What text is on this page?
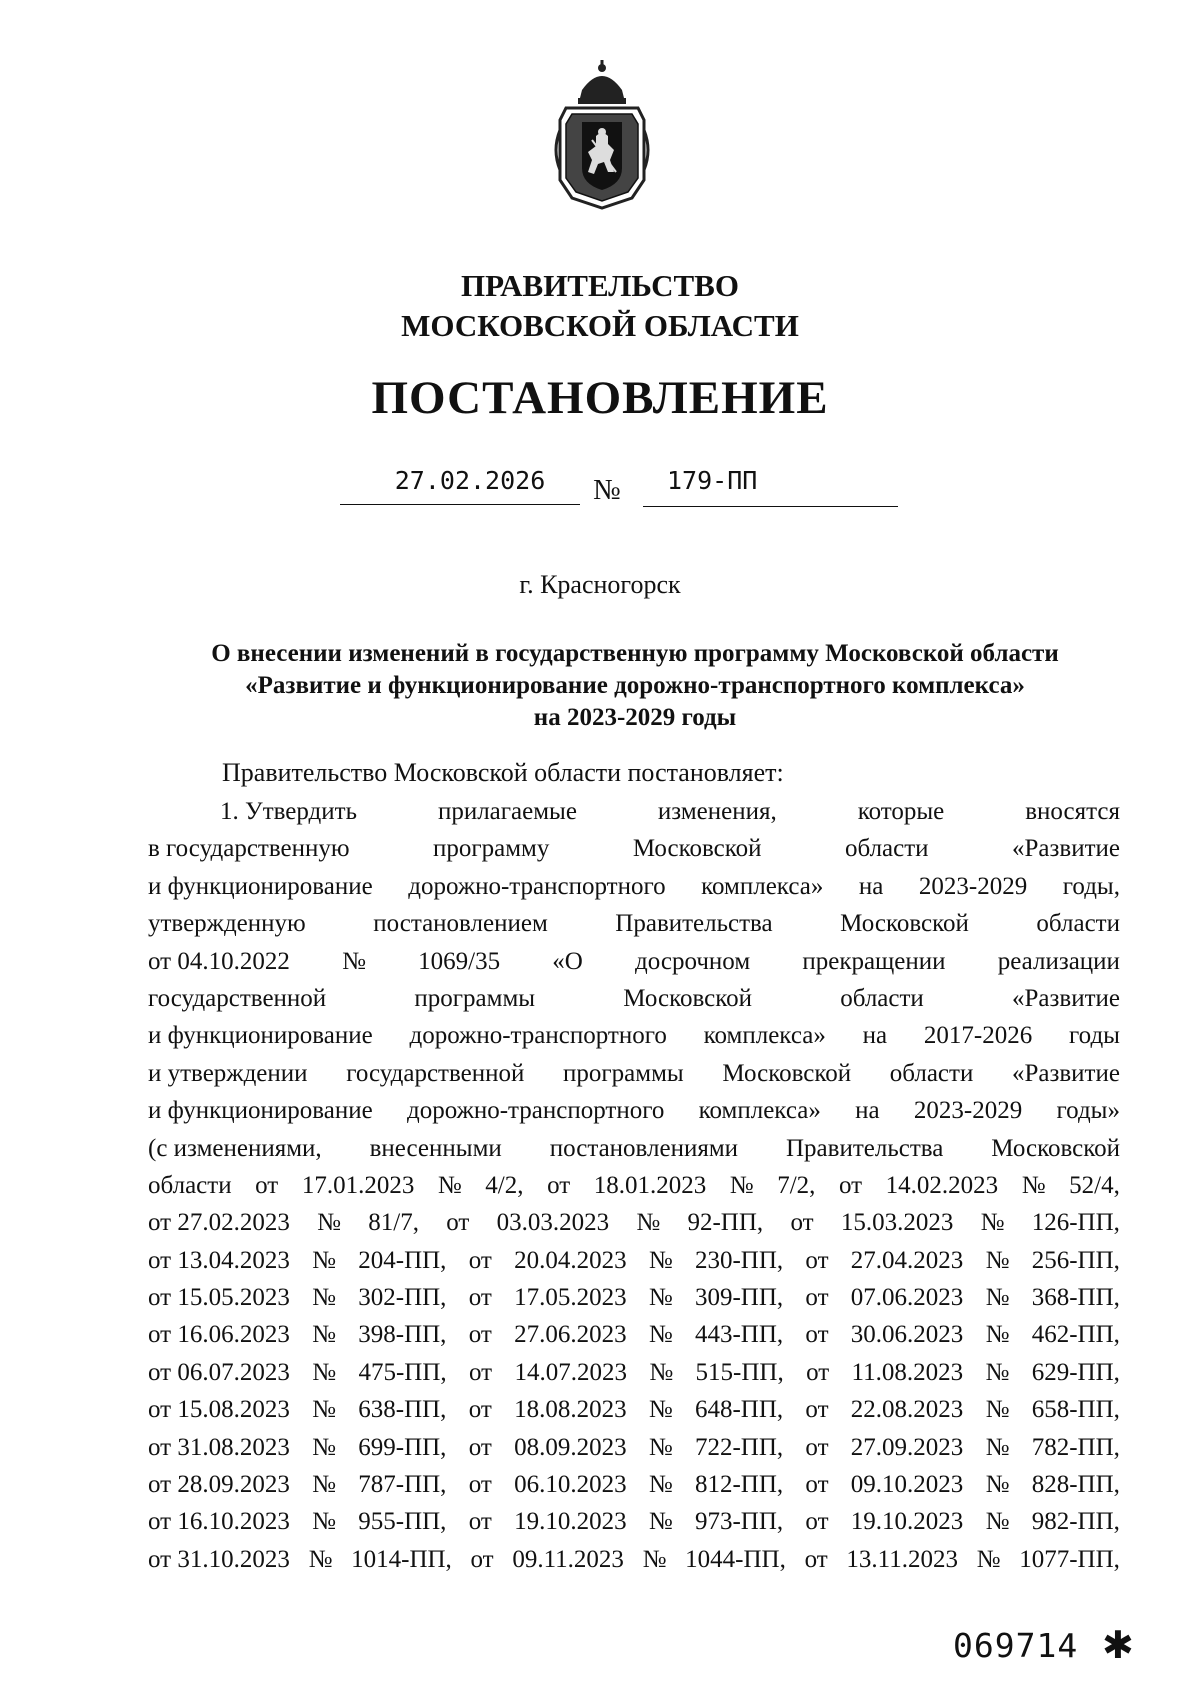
ПРАВИТЕЛЬСТВО
МОСКОВСКОЙ ОБЛАСТИ
ПОСТАНОВЛЕНИЕ
27.02.2026	№	179-ПП
г. Красногорск
О внесении изменений в государственную программу Московской области
«Развитие и функционирование дорожно-транспортного комплекса»
на 2023-2029 годы
Правительство Московской области постановляет:
1. Утвердить	прилагаемые	изменения,	которые	вносятся
в государственную	программу	Московской	области	«Развитие
и функционирование дорожно-транспортного комплекса» на 2023-2029 годы,
утвержденную	постановлением	Правительства	Московской	области
от 04.10.2022 № 1069/35 «О досрочном прекращении реализации
государственной	программы	Московской	области	«Развитие
и функционирование дорожно-транспортного комплекса» на 2017-2026 годы
и утверждении государственной программы Московской области «Развитие
и функционирование дорожно-транспортного комплекса» на 2023-2029 годы»
(с изменениями, внесенными постановлениями Правительства Московской
области от 17.01.2023 № 4/2, от 18.01.2023 № 7/2, от 14.02.2023 № 52/4,
от 27.02.2023 № 81/7, от 03.03.2023 № 92-ПП, от 15.03.2023 № 126-ПП,
от 13.04.2023 № 204-ПП, от 20.04.2023 № 230-ПП, от 27.04.2023 № 256-ПП,
от 15.05.2023 № 302-ПП, от 17.05.2023 № 309-ПП, от 07.06.2023 № 368-ПП,
от 16.06.2023 № 398-ПП, от 27.06.2023 № 443-ПП, от 30.06.2023 № 462-ПП,
от 06.07.2023 № 475-ПП, от 14.07.2023 № 515-ПП, от 11.08.2023 № 629-ПП,
от 15.08.2023 № 638-ПП, от 18.08.2023 № 648-ПП, от 22.08.2023 № 658-ПП,
от 31.08.2023 № 699-ПП, от 08.09.2023 № 722-ПП, от 27.09.2023 № 782-ПП,
от 28.09.2023 № 787-ПП, от 06.10.2023 № 812-ПП, от 09.10.2023 № 828-ПП,
от 16.10.2023 № 955-ПП, от 19.10.2023 № 973-ПП, от 19.10.2023 № 982-ПП,
от 31.10.2023 № 1014-ПП, от 09.11.2023 № 1044-ПП, от 13.11.2023 № 1077-ПП,
069714 ✱
